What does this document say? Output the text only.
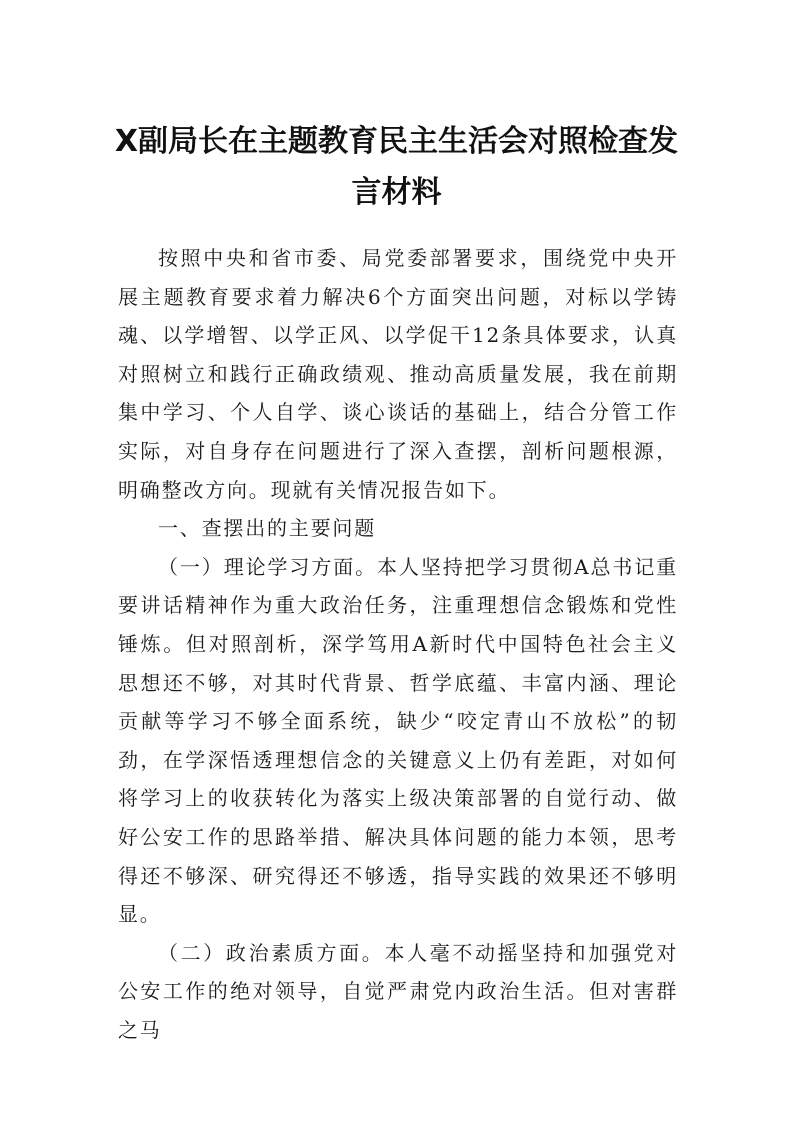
X副局长在主题教育民主生活会对照检查发言材料

按照中央和省市委、局党委部署要求，围绕党中央开展主题教育要求着力解决6个方面突出问题，对标以学铸魂、以学增智、以学正风、以学促干12条具体要求，认真对照树立和践行正确政绩观、推动高质量发展，我在前期集中学习、个人自学、谈心谈话的基础上，结合分管工作实际，对自身存在问题进行了深入查摆，剖析问题根源，明确整改方向。现就有关情况报告如下。

一、查摆出的主要问题

（一）理论学习方面。本人坚持把学习贯彻A总书记重要讲话精神作为重大政治任务，注重理想信念锻炼和党性锤炼。但对照剖析，深学笃用A新时代中国特色社会主义思想还不够，对其时代背景、哲学底蕴、丰富内涵、理论贡献等学习不够全面系统，缺少“咬定青山不放松”的韧劲，在学深悟透理想信念的关键意义上仍有差距，对如何将学习上的收获转化为落实上级决策部署的自觉行动、做好公安工作的思路举措、解决具体问题的能力本领，思考得还不够深、研究得还不够透，指导实践的效果还不够明显。

（二）政治素质方面。本人毫不动摇坚持和加强党对公安工作的绝对领导，自觉严肃党内政治生活。但对害群之马
